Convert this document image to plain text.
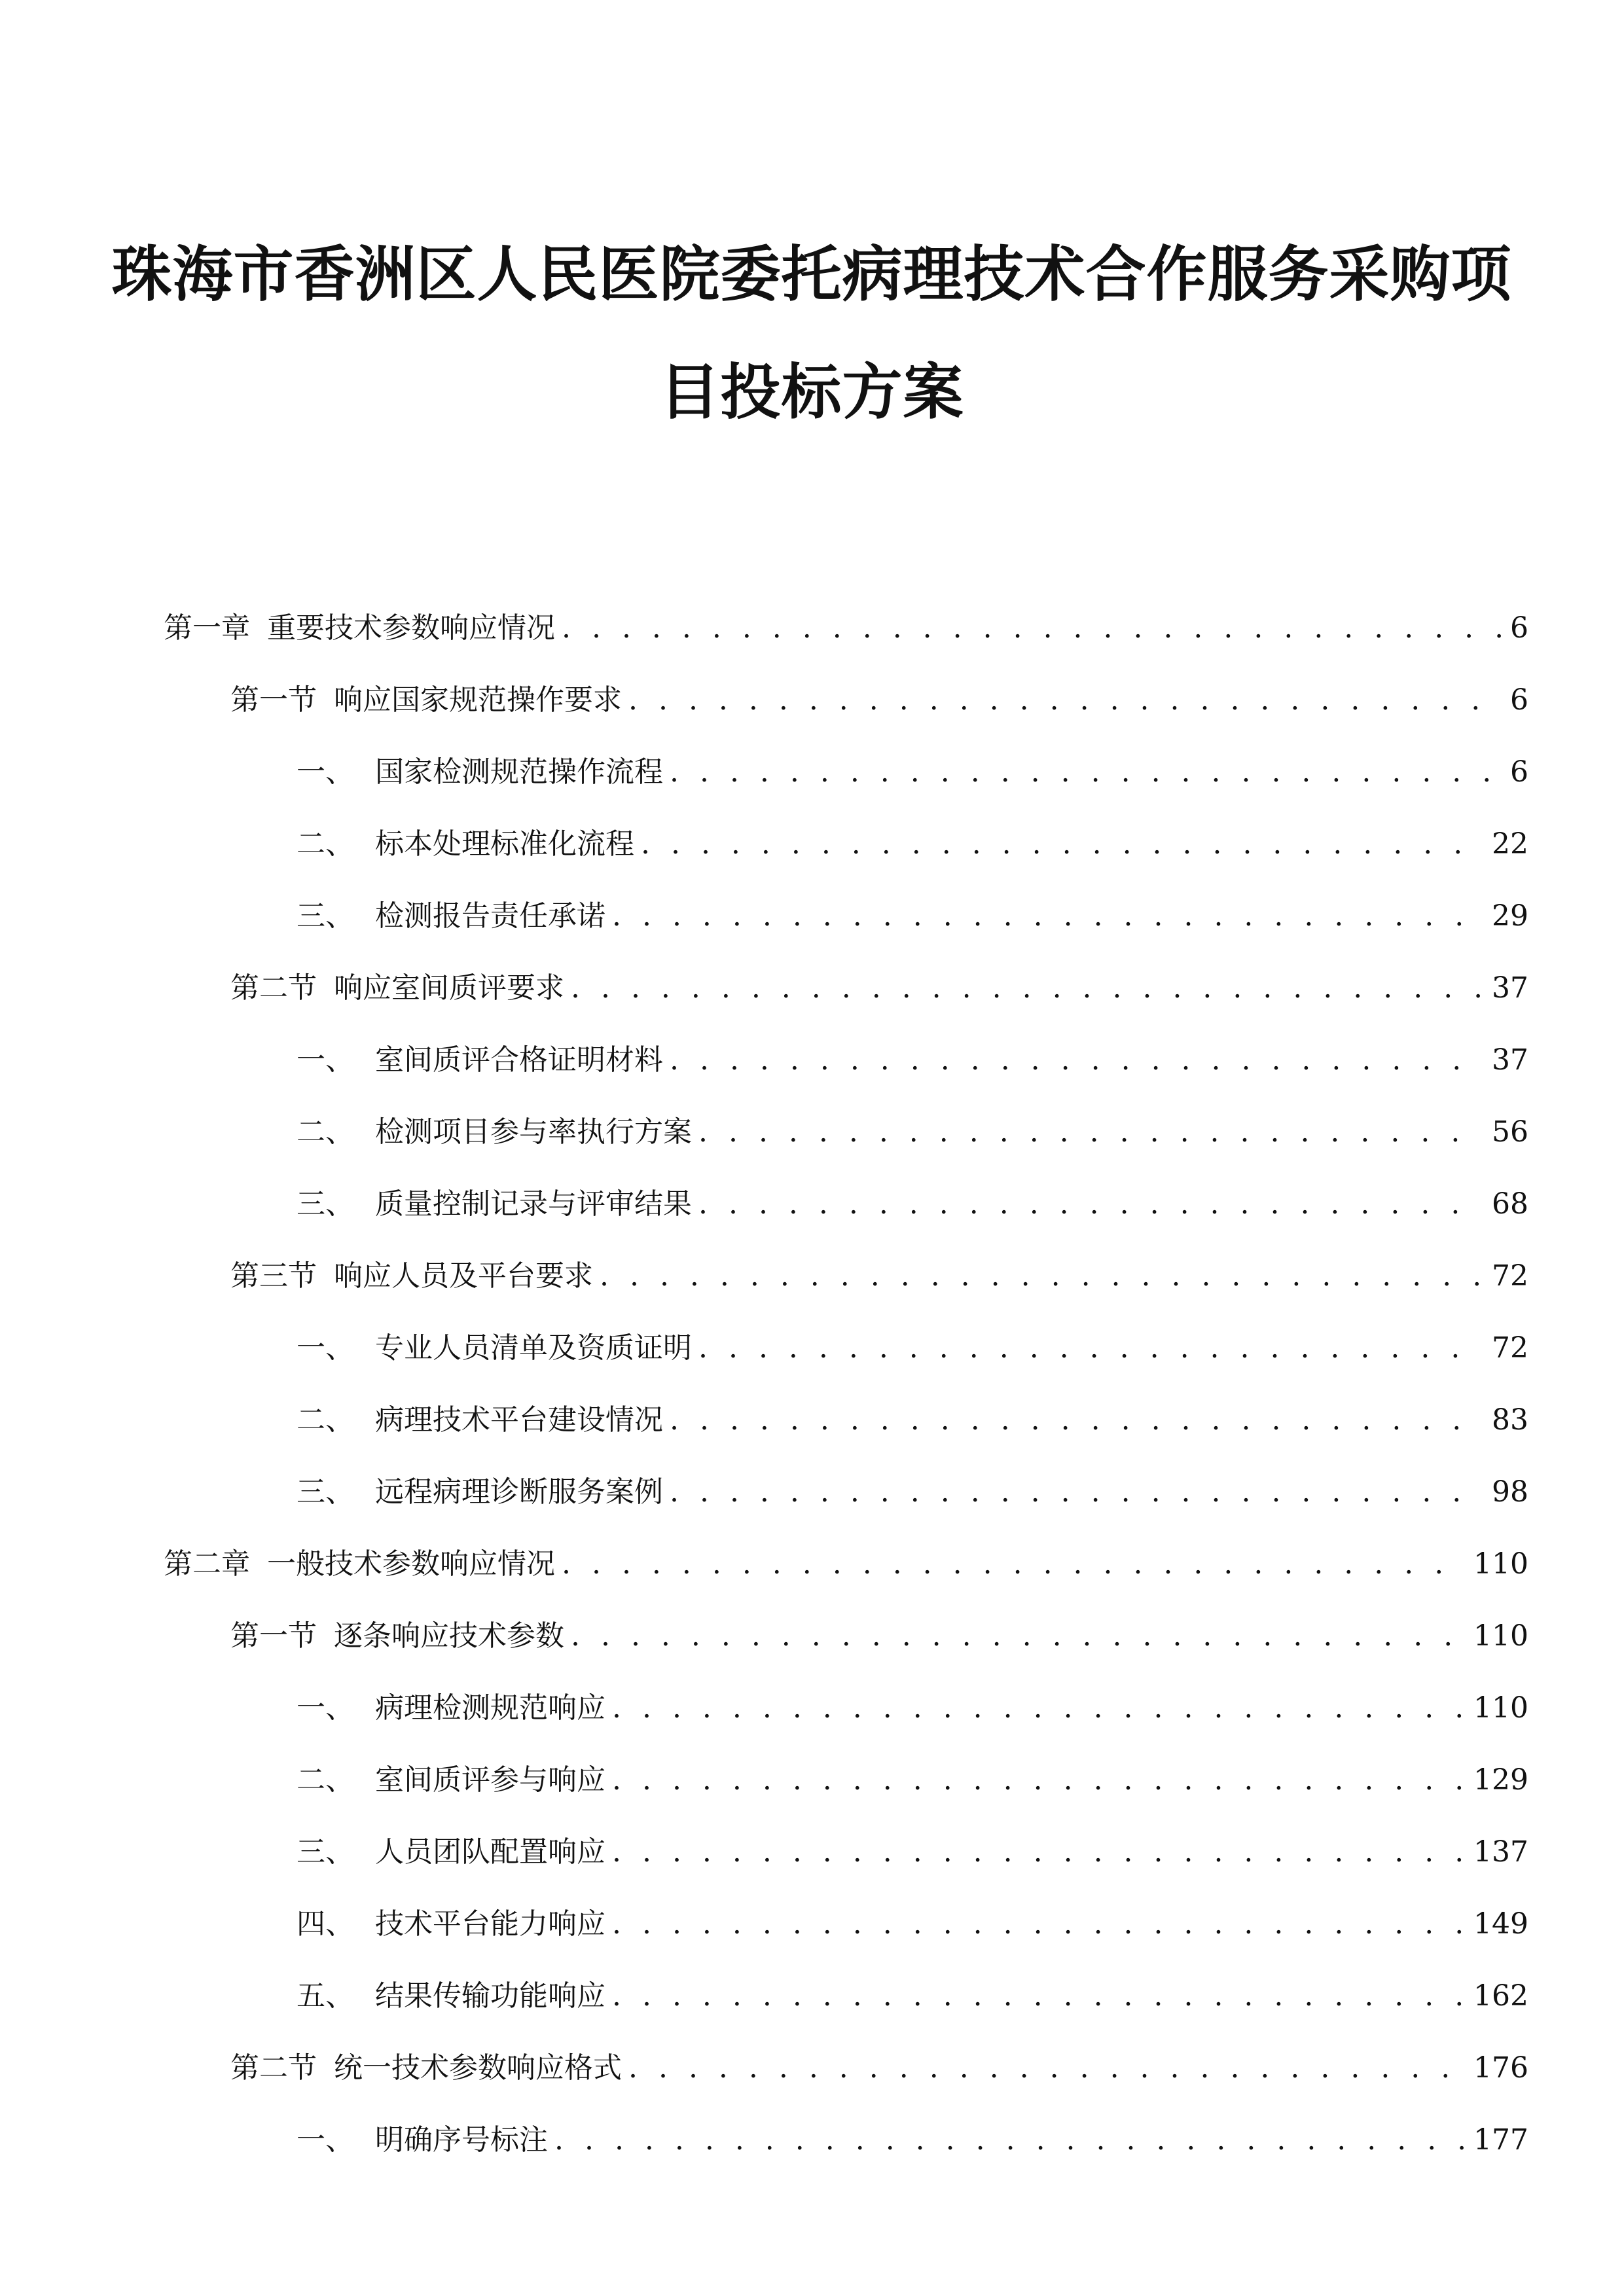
珠海市香洲区人民医院委托病理技术合作服务采购项
目投标方案
第一章 重要技术参数响应情况 . . .	6
第一节 响应国家规范操作要求 . . .	6
一、 国家检测规范操作流程 . . .	6
二、 标本处理标准化流程 . . .	22
三、 检测报告责任承诺 . . .	29
第二节 响应室间质评要求 . . .	37
一、 室间质评合格证明材料 . . .	37
二、 检测项目参与率执行方案 . . .	56
三、 质量控制记录与评审结果 . . .	68
第三节 响应人员及平台要求 . . .	72
一、 专业人员清单及资质证明 . . .	72
二、 病理技术平台建设情况 . . .	83
三、 远程病理诊断服务案例 . . .	98
第二章 一般技术参数响应情况 . . .	110
第一节 逐条响应技术参数 . . .	110
一、 病理检测规范响应 . . .	110
二、 室间质评参与响应 . . .	129
三、 人员团队配置响应 . . .	137
四、 技术平台能力响应 . . .	149
五、 结果传输功能响应 . . .	162
第二节 统一技术参数响应格式 . . .	176
一、 明确序号标注 . . .	177
